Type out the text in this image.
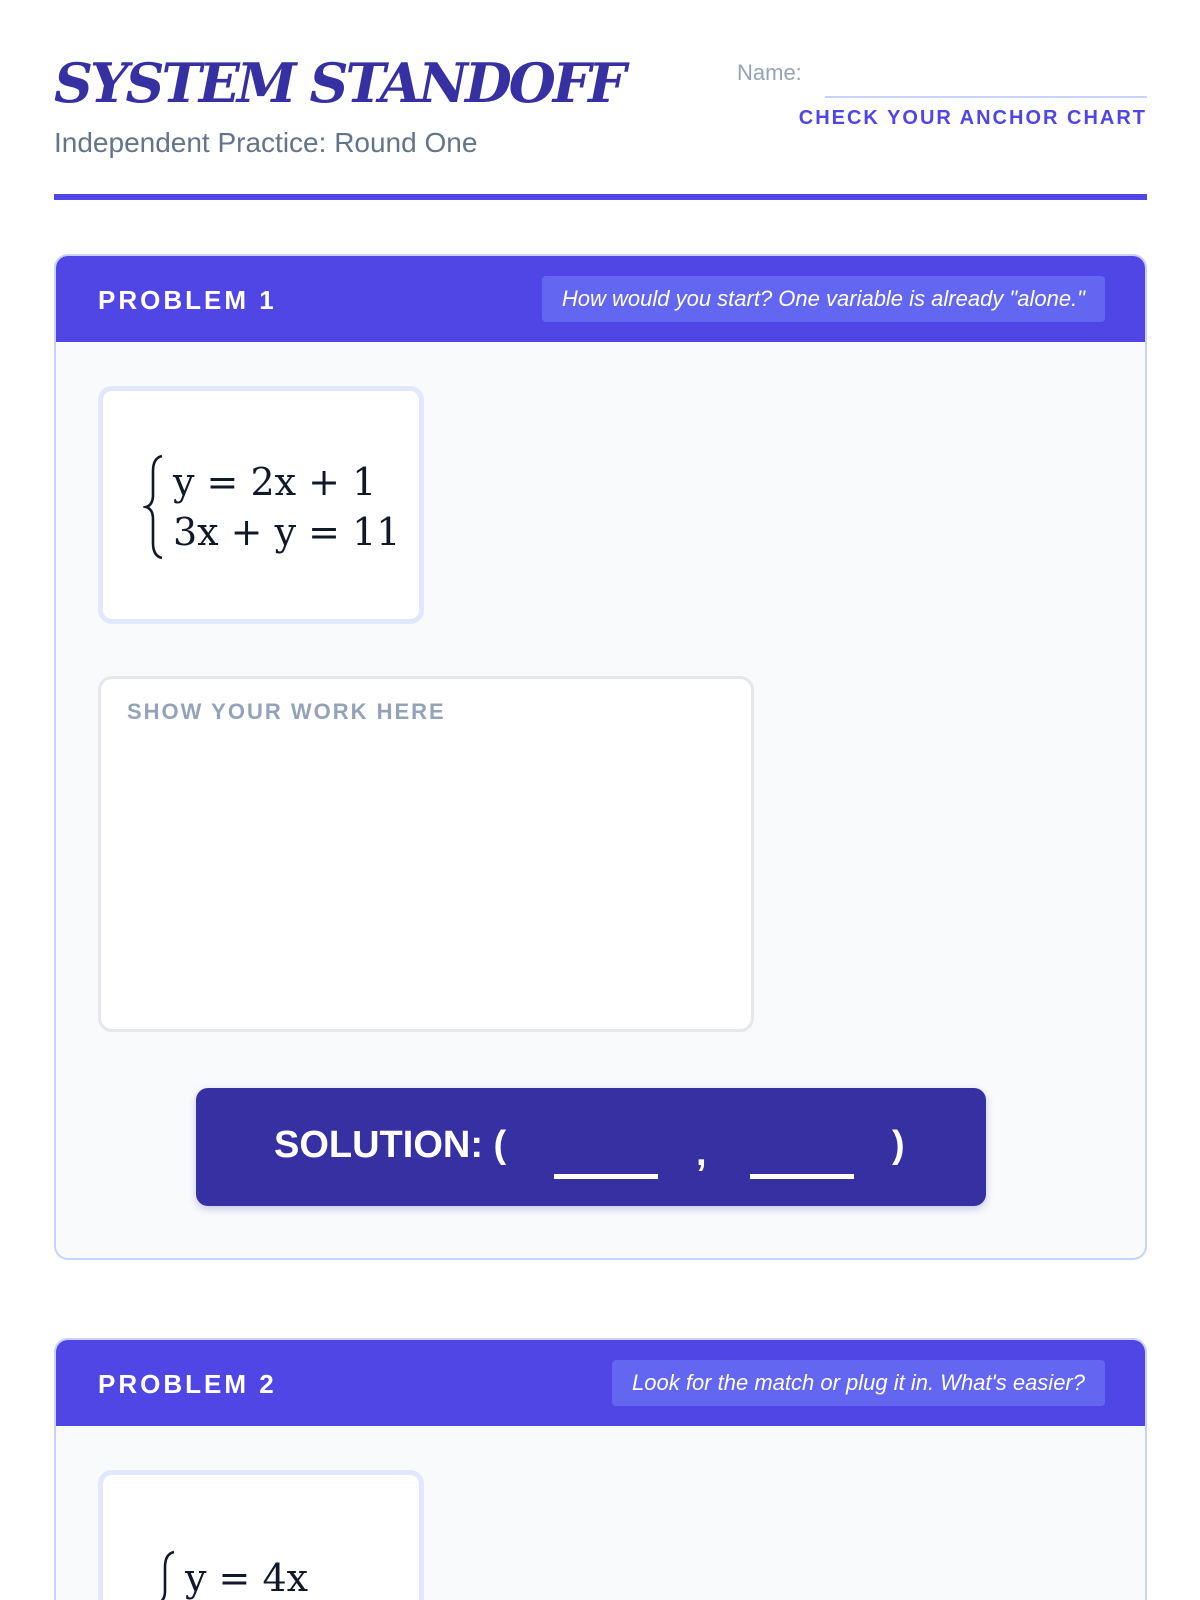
SYSTEM STANDOFF
Independent Practice: Round One
Name:
CHECK YOUR ANCHOR CHART
PROBLEM 1	How would you start? One variable is already "alone."
y = 2x + 1
3x + y = 11
SHOW YOUR WORK HERE
SOLUTION: (	,	)
PROBLEM 2	Look for the match or plug it in. What's easier?
y = 4x
